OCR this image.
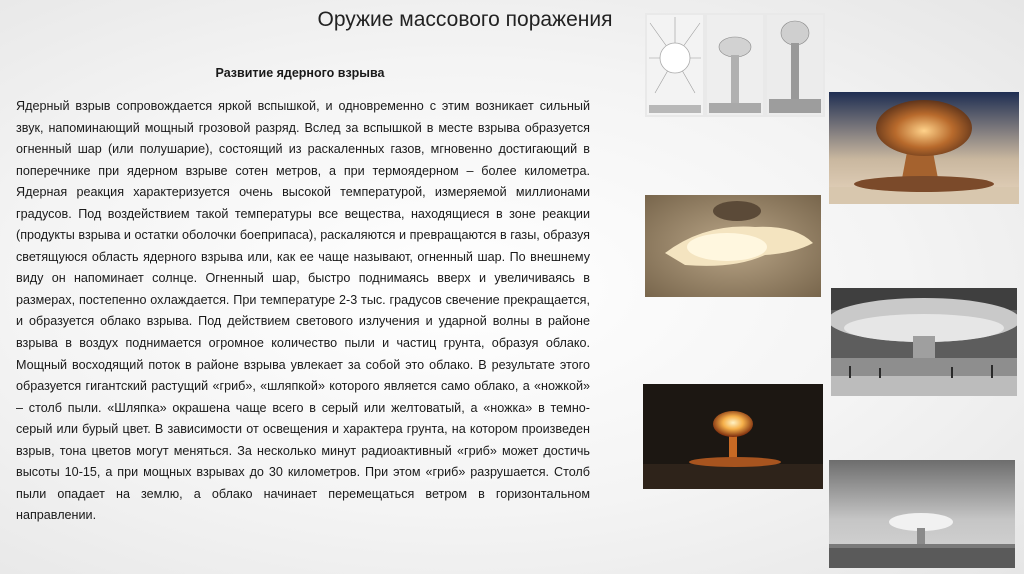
Оружие массового поражения
Развитие ядерного взрыва

Ядерный взрыв сопровождается яркой вспышкой, и одновременно с этим возникает сильный звук, напоминающий мощный грозовой разряд. Вслед за вспышкой в месте взрыва образуется огненный шар (или полушарие), состоящий из раскаленных газов, мгновенно достигающий в поперечнике при ядерном взрыве сотен метров, а при термоядерном – более километра. Ядерная реакция характеризуется очень высокой температурой, измеряемой миллионами градусов. Под воздействием такой температуры все вещества, находящиеся в зоне реакции (продукты взрыва и остатки оболочки боеприпаса), раскаляются и превращаются в газы, образуя светящуюся область ядерного взрыва или, как ее чаще называют, огненный шар. По внешнему виду он напоминает солнце. Огненный шар, быстро поднимаясь вверх и увеличиваясь в размерах, постепенно охлаждается. При температуре 2-3 тыс. градусов свечение прекращается, и образуется облако взрыва. Под действием светового излучения и ударной волны в районе взрыва в воздух поднимается огромное количество пыли и частиц грунта, образуя облако. Мощный восходящий поток в районе взрыва увлекает за собой это облако. В результате этого образуется гигантский растущий «гриб», «шляпкой» которого является само облако, а «ножкой» – столб пыли. «Шляпка» окрашена чаще всего в серый или желтоватый, а «ножка» в темно-серый или бурый цвет. В зависимости от освещения и характера грунта, на котором произведен взрыв, тона цветов могут меняться. За несколько минут радиоактивный «гриб» может достичь высоты 10-15, а при мощных взрывах до 30 километров. При этом «гриб» разрушается. Столб пыли опадает на землю, а облако начинает перемещаться ветром в горизонтальном направлении.
